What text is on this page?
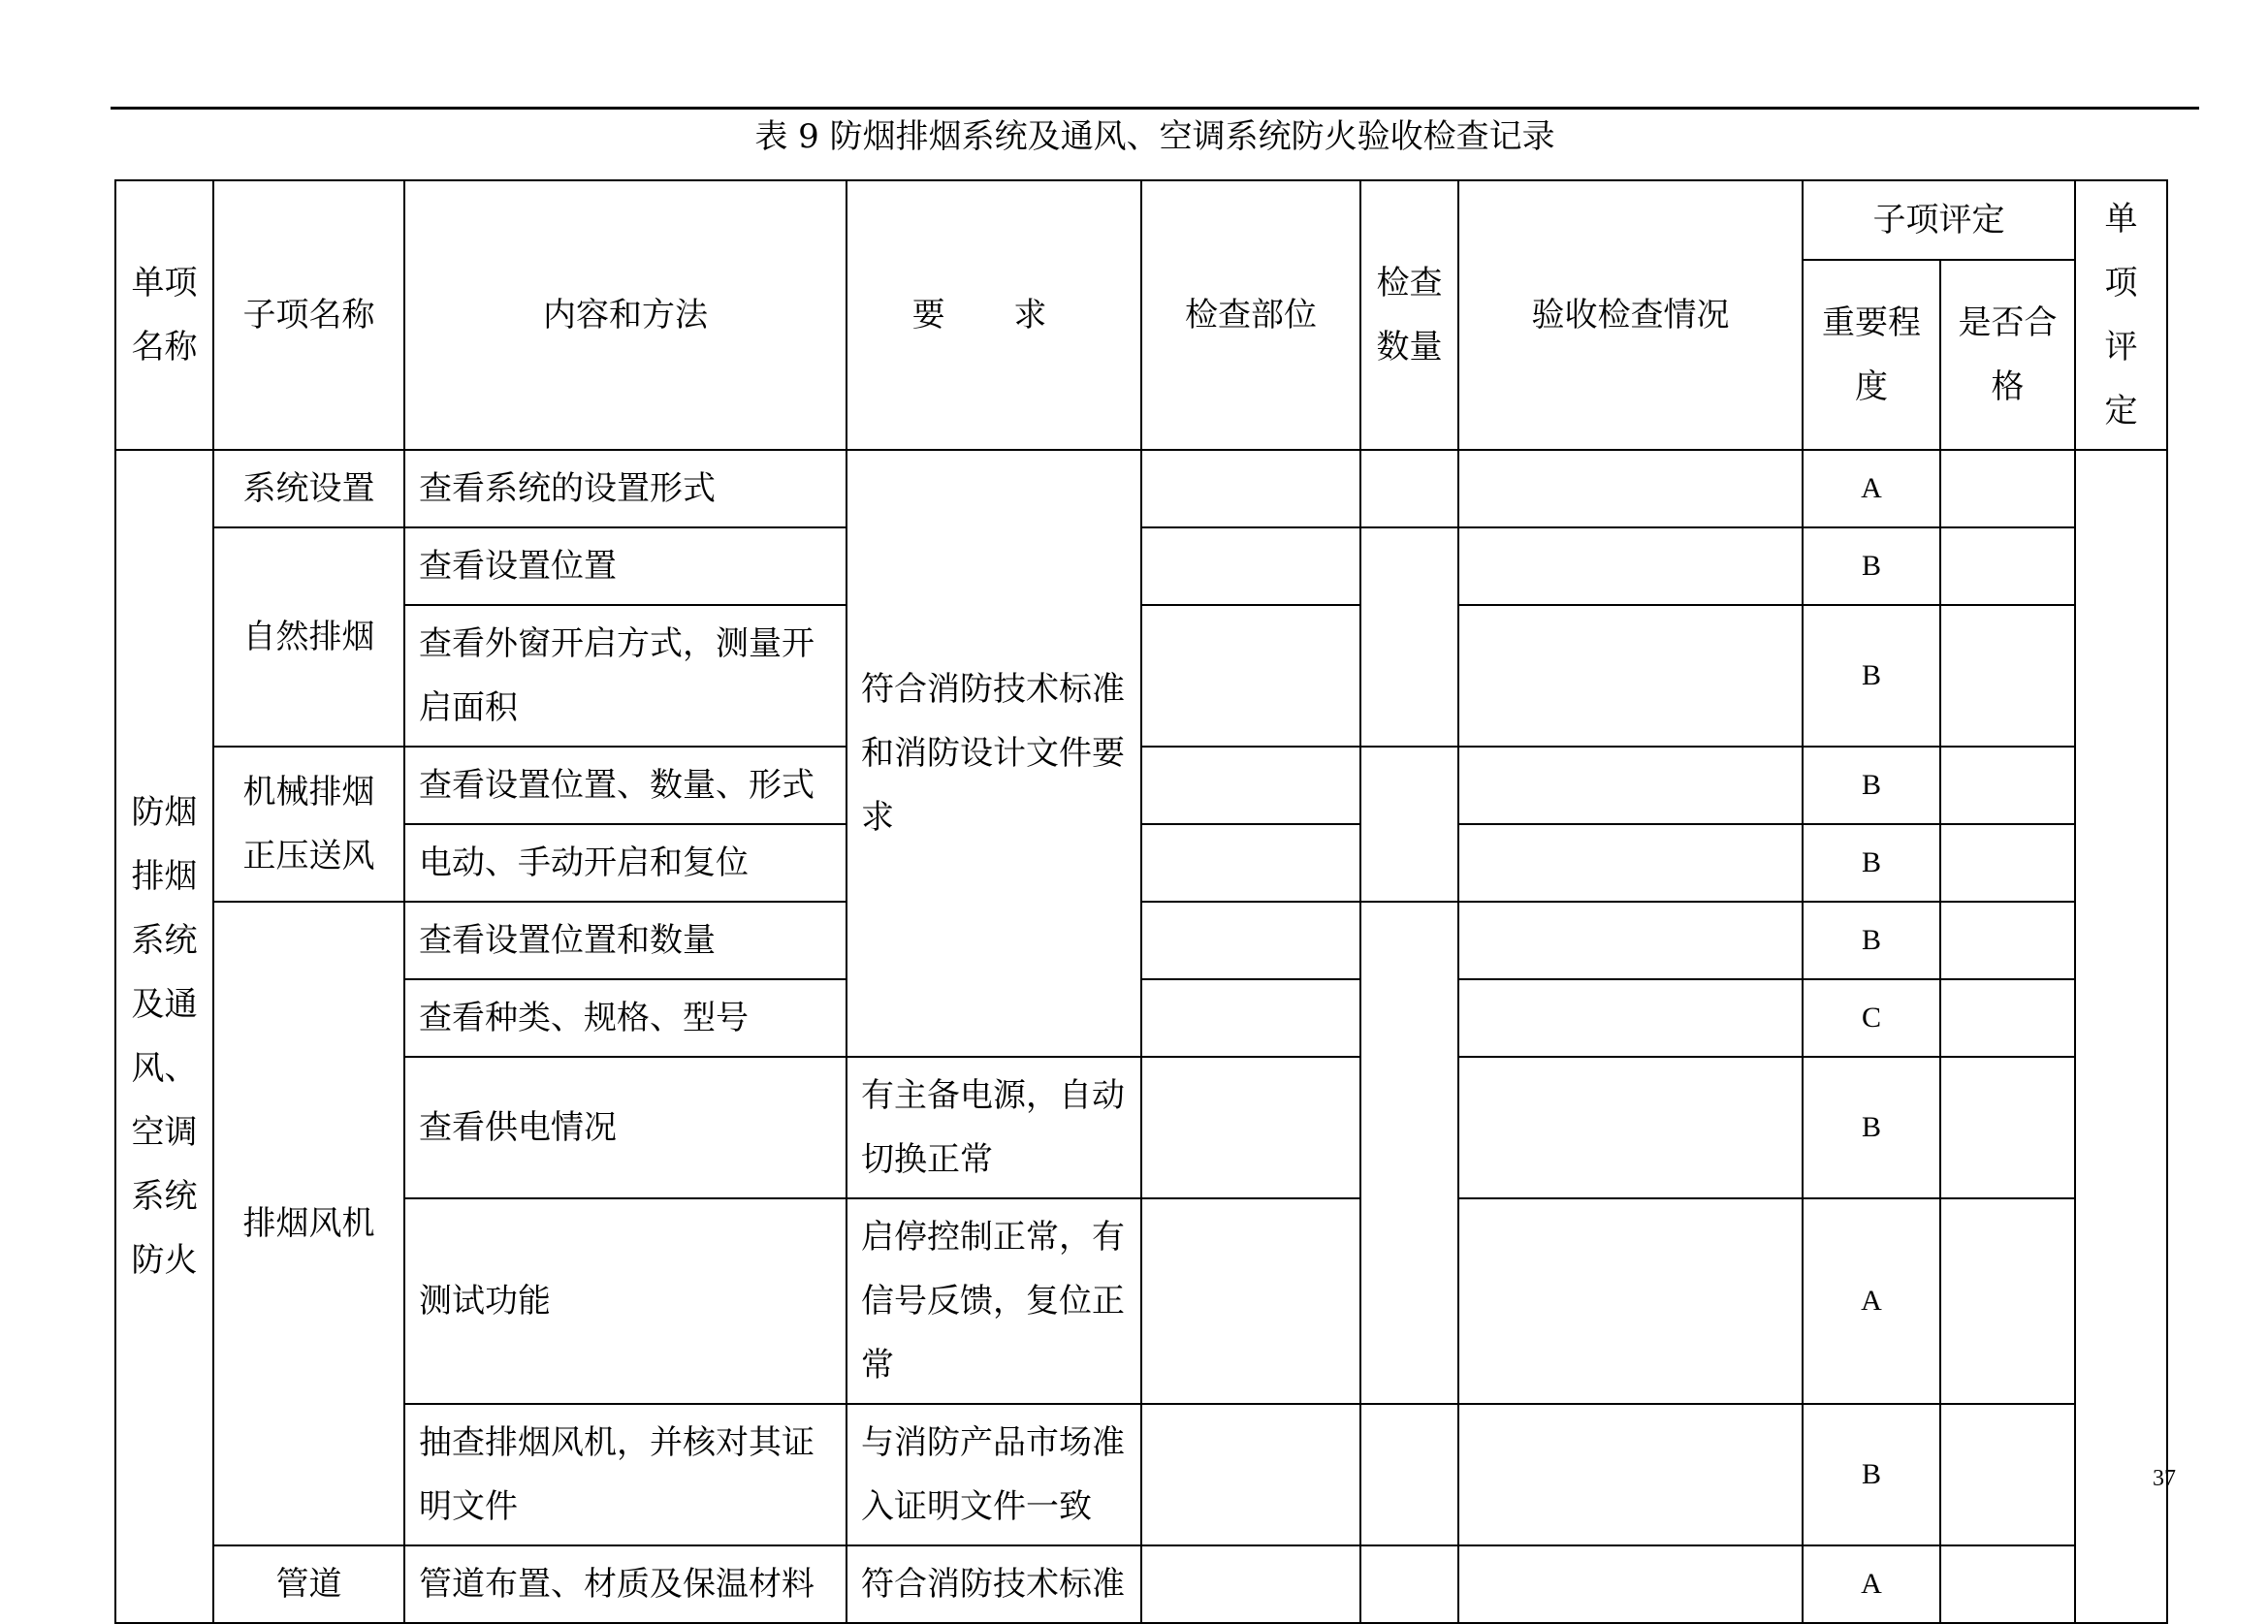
表 9 防烟排烟系统及通风、空调系统防火验收检查记录
单项名称	子项名称	内容和方法	要 求	检查部位	检查数量	验收检查情况	子项评定		单项评定
							重要程度	是否合格	
防烟排烟系统及通风、空调系统防火	系统设置	查看系统的设置形式	符合消防技术标准和消防设计文件要求				A		
	自然排烟	查看设置位置					B		
		查看外窗开启方式，测量开启面积					B		
	机械排烟正压送风	查看设置位置、数量、形式					B		
		电动、手动开启和复位					B		
	排烟风机	查看设置位置和数量					B		
		查看种类、规格、型号					C		
		查看供电情况	有主备电源，自动切换正常				B		
		测试功能	启停控制正常，有信号反馈，复位正常				A		
		抽查排烟风机，并核对其证明文件	与消防产品市场准入证明文件一致				B		
	管道	管道布置、材质及保温材料	符合消防技术标准				A		
37
